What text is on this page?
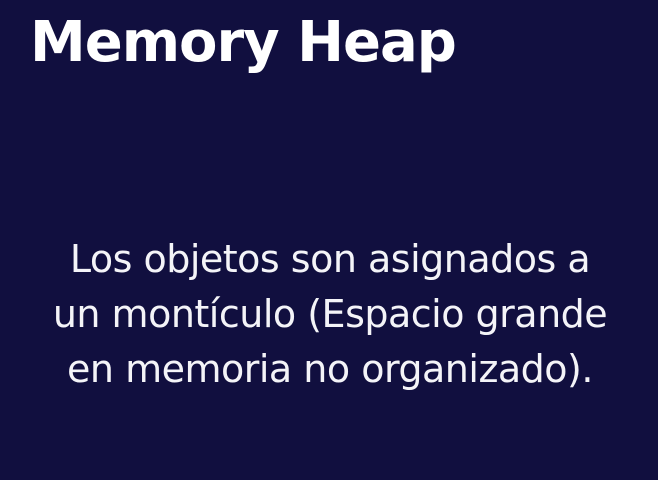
Memory Heap

Los objetos son asignados a
un montículo (Espacio grande
en memoria no organizado).
